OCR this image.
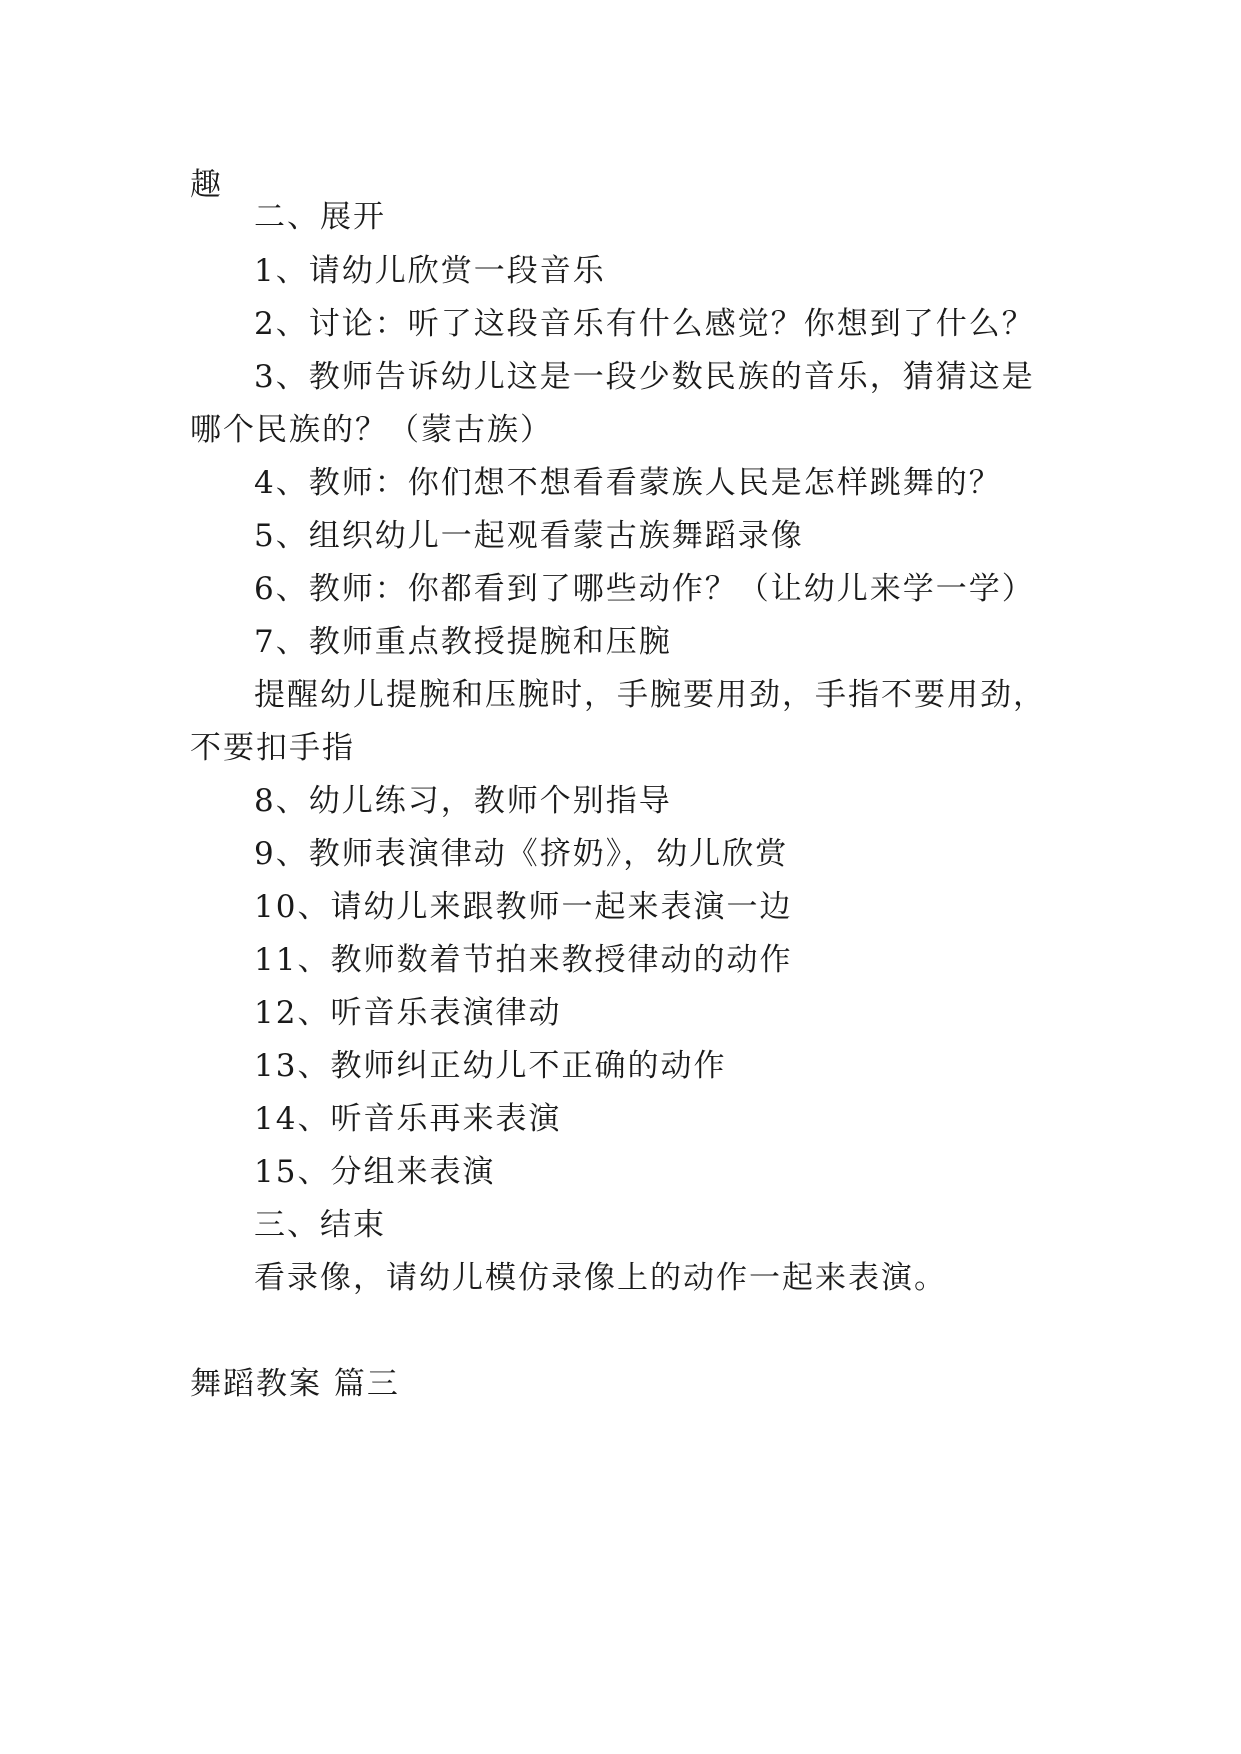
趣
二、展开
1、请幼儿欣赏一段音乐
2、讨论：听了这段音乐有什么感觉？你想到了什么？
3、教师告诉幼儿这是一段少数民族的音乐，猜猜这是
哪个民族的？（蒙古族）
4、教师：你们想不想看看蒙族人民是怎样跳舞的？
5、组织幼儿一起观看蒙古族舞蹈录像
6、教师：你都看到了哪些动作？（让幼儿来学一学）
7、教师重点教授提腕和压腕
提醒幼儿提腕和压腕时，手腕要用劲，手指不要用劲，
不要扣手指
8、幼儿练习，教师个别指导
9、教师表演律动《挤奶》，幼儿欣赏
10、请幼儿来跟教师一起来表演一边
11、教师数着节拍来教授律动的动作
12、听音乐表演律动
13、教师纠正幼儿不正确的动作
14、听音乐再来表演
15、分组来表演
三、结束
看录像，请幼儿模仿录像上的动作一起来表演。
舞蹈教案 篇三
